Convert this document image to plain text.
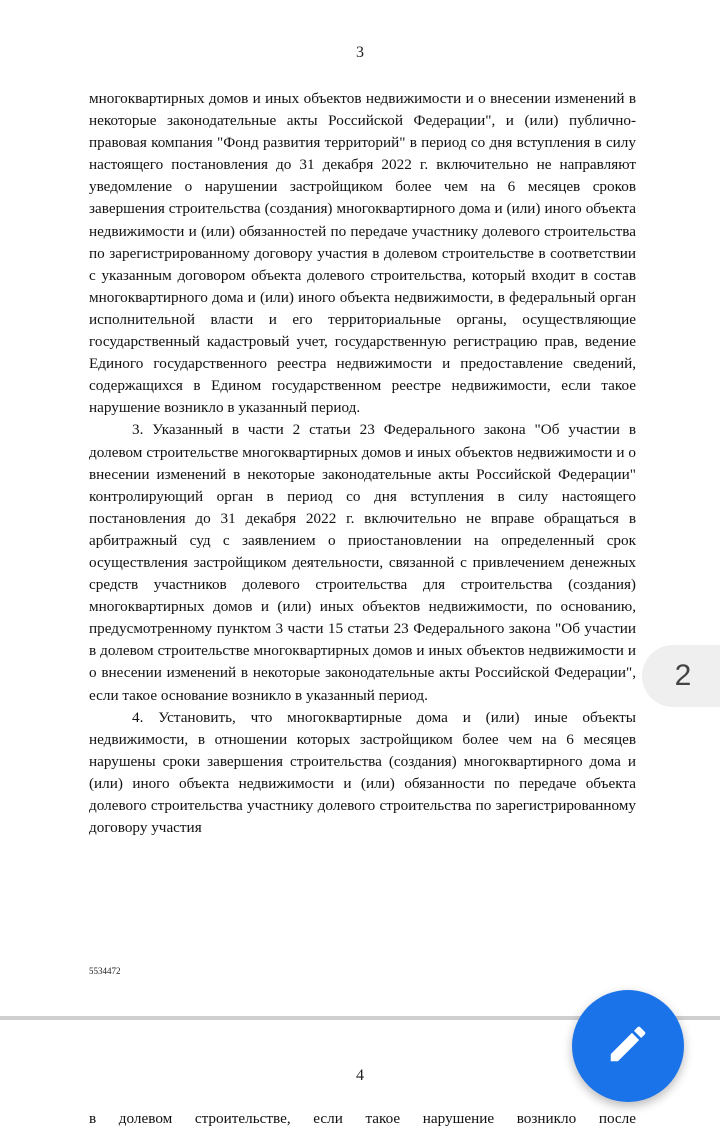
3

многоквартирных домов и иных объектов недвижимости и о внесении изменений в некоторые законодательные акты Российской Федерации", и (или) публично-правовая компания "Фонд развития территорий" в период со дня вступления в силу настоящего постановления до 31 декабря 2022 г. включительно не направляют уведомление о нарушении застройщиком более чем на 6 месяцев сроков завершения строительства (создания) многоквартирного дома и (или) иного объекта недвижимости и (или) обязанностей по передаче участнику долевого строительства по зарегистрированному договору участия в долевом строительстве в соответствии с указанным договором объекта долевого строительства, который входит в состав многоквартирного дома и (или) иного объекта недвижимости, в федеральный орган исполнительной власти и его территориальные органы, осуществляющие государственный кадастровый учет, государственную регистрацию прав, ведение Единого государственного реестра недвижимости и предоставление сведений, содержащихся в Едином государственном реестре недвижимости, если такое нарушение возникло в указанный период.

3. Указанный в части 2 статьи 23 Федерального закона "Об участии в долевом строительстве многоквартирных домов и иных объектов недвижимости и о внесении изменений в некоторые законодательные акты Российской Федерации" контролирующий орган в период со дня вступления в силу настоящего постановления до 31 декабря 2022 г. включительно не вправе обращаться в арбитражный суд с заявлением о приостановлении на определенный срок осуществления застройщиком деятельности, связанной с привлечением денежных средств участников долевого строительства для строительства (создания) многоквартирных домов и (или) иных объектов недвижимости, по основанию, предусмотренному пунктом 3 части 15 статьи 23 Федерального закона "Об участии в долевом строительстве многоквартирных домов и иных объектов недвижимости и о внесении изменений в некоторые законодательные акты Российской Федерации", если такое основание возникло в указанный период.

4. Установить, что многоквартирные дома и (или) иные объекты недвижимости, в отношении которых застройщиком более чем на 6 месяцев нарушены сроки завершения строительства (создания) многоквартирного дома и (или) иного объекта недвижимости и (или) обязанности по передаче объекта долевого строительства участнику долевого строительства по зарегистрированному договору участия

5534472
4

в долевом строительстве, если такое нарушение возникло после

2
